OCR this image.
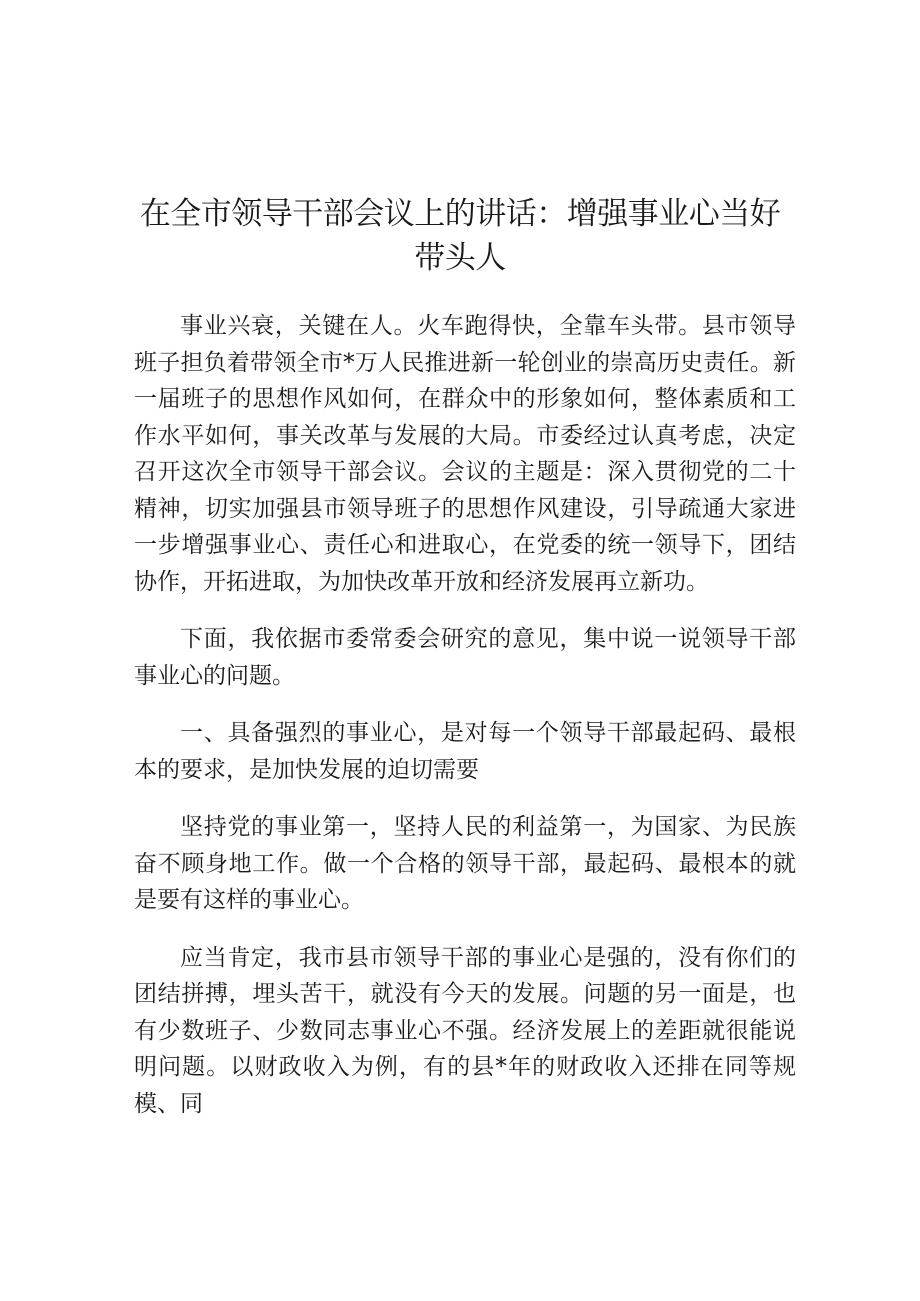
在全市领导干部会议上的讲话：增强事业心当好带头人

事业兴衰，关键在人。火车跑得快，全靠车头带。县市领导班子担负着带领全市*万人民推进新一轮创业的崇高历史责任。新一届班子的思想作风如何，在群众中的形象如何，整体素质和工作水平如何，事关改革与发展的大局。市委经过认真考虑，决定召开这次全市领导干部会议。会议的主题是：深入贯彻党的二十精神，切实加强县市领导班子的思想作风建设，引导疏通大家进一步增强事业心、责任心和进取心，在党委的统一领导下，团结协作，开拓进取，为加快改革开放和经济发展再立新功。

下面，我依据市委常委会研究的意见，集中说一说领导干部事业心的问题。

一、具备强烈的事业心，是对每一个领导干部最起码、最根本的要求，是加快发展的迫切需要

坚持党的事业第一，坚持人民的利益第一，为国家、为民族奋不顾身地工作。做一个合格的领导干部，最起码、最根本的就是要有这样的事业心。

应当肯定，我市县市领导干部的事业心是强的，没有你们的团结拼搏，埋头苦干，就没有今天的发展。问题的另一面是，也有少数班子、少数同志事业心不强。经济发展上的差距就很能说明问题。以财政收入为例，有的县*年的财政收入还排在同等规模、同
